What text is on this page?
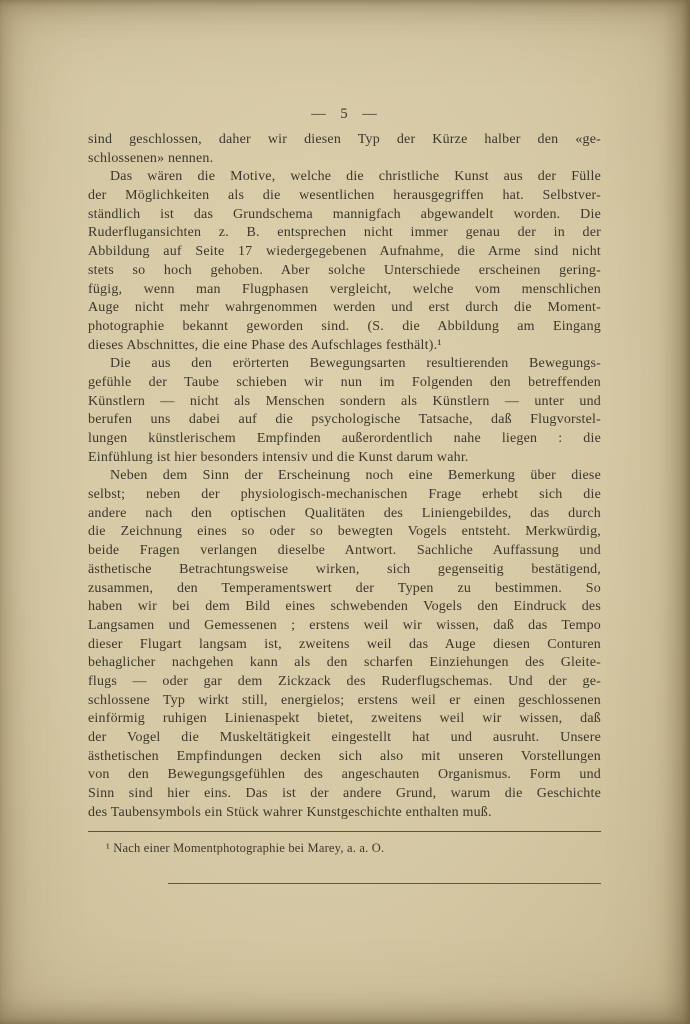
— 5 —
sind geschlossen, daher wir diesen Typ der Kürze halber den «ge-
schlossenen» nennen.
Das wären die Motive, welche die christliche Kunst aus der Fülle
der Möglichkeiten als die wesentlichen herausgegriffen hat. Selbstver-
ständlich ist das Grundschema mannigfach abgewandelt worden. Die
Ruderflugansichten z. B. entsprechen nicht immer genau der in der
Abbildung auf Seite 17 wiedergegebenen Aufnahme, die Arme sind nicht
stets so hoch gehoben. Aber solche Unterschiede erscheinen gering-
fügig, wenn man Flugphasen vergleicht, welche vom menschlichen
Auge nicht mehr wahrgenommen werden und erst durch die Moment-
photographie bekannt geworden sind. (S. die Abbildung am Eingang
dieses Abschnittes, die eine Phase des Aufschlages festhält).¹
Die aus den erörterten Bewegungsarten resultierenden Bewegungs-
gefühle der Taube schieben wir nun im Folgenden den betreffenden
Künstlern — nicht als Menschen sondern als Künstlern — unter und
berufen uns dabei auf die psychologische Tatsache, daß Flugvorstel-
lungen künstlerischem Empfinden außerordentlich nahe liegen : die
Einfühlung ist hier besonders intensiv und die Kunst darum wahr.
Neben dem Sinn der Erscheinung noch eine Bemerkung über diese
selbst; neben der physiologisch-mechanischen Frage erhebt sich die
andere nach den optischen Qualitäten des Liniengebildes, das durch
die Zeichnung eines so oder so bewegten Vogels entsteht. Merkwürdig,
beide Fragen verlangen dieselbe Antwort. Sachliche Auffassung und
ästhetische Betrachtungsweise wirken, sich gegenseitig bestätigend,
zusammen, den Temperamentswert der Typen zu bestimmen. So
haben wir bei dem Bild eines schwebenden Vogels den Eindruck des
Langsamen und Gemessenen ; erstens weil wir wissen, daß das Tempo
dieser Flugart langsam ist, zweitens weil das Auge diesen Conturen
behaglicher nachgehen kann als den scharfen Einziehungen des Gleite-
flugs — oder gar dem Zickzack des Ruderflugschemas. Und der ge-
schlossene Typ wirkt still, energielos; erstens weil er einen geschlossenen
einförmig ruhigen Linienaspekt bietet, zweitens weil wir wissen, daß
der Vogel die Muskeltätigkeit eingestellt hat und ausruht. Unsere
ästhetischen Empfindungen decken sich also mit unseren Vorstellungen
von den Bewegungsgefühlen des angeschauten Organismus. Form und
Sinn sind hier eins. Das ist der andere Grund, warum die Geschichte
des Taubensymbols ein Stück wahrer Kunstgeschichte enthalten muß.
¹ Nach einer Momentphotographie bei Marey, a. a. O.
